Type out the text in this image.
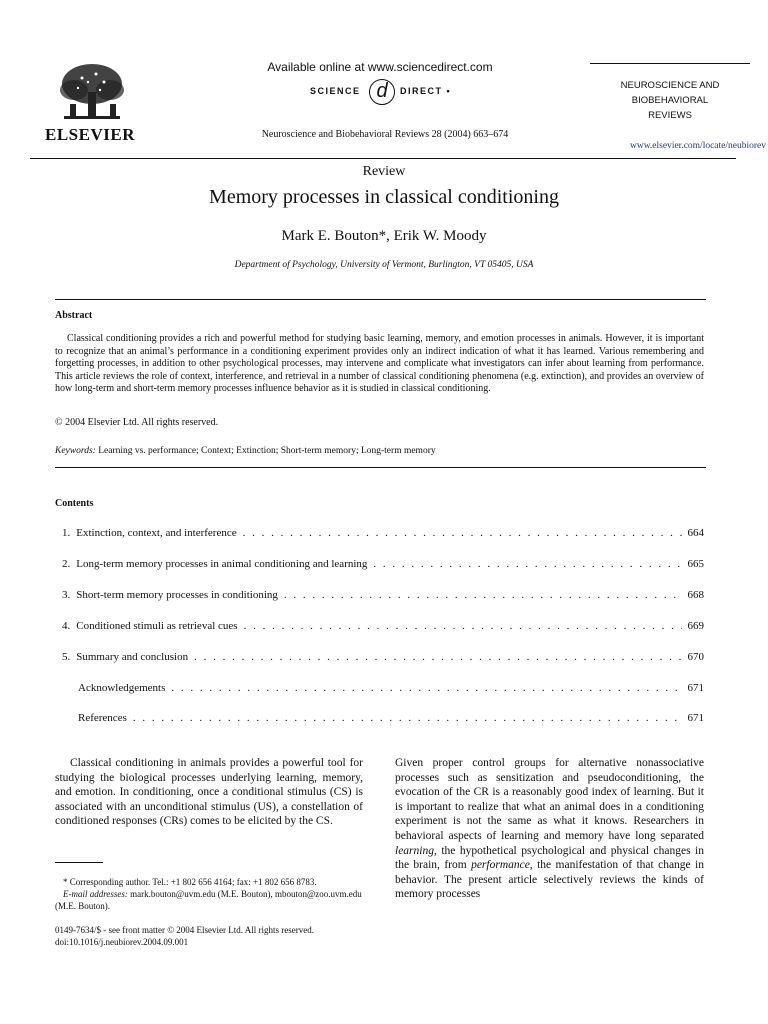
ELSEVIER
Available online at www.sciencedirect.com
SCIENCE d	DIRECT •
Neuroscience and Biobehavioral Reviews 28 (2004) 663–674
NEUROSCIENCE AND
BIOBEHAVIORAL
REVIEWS
www.elsevier.com/locate/neubiorev
Review
Memory processes in classical conditioning
Mark E. Bouton*, Erik W. Moody
Department of Psychology, University of Vermont, Burlington, VT 05405, USA
Abstract
Classical conditioning provides a rich and powerful method for studying basic learning, memory, and emotion processes in animals. However, it is important to recognize that an animal’s performance in a conditioning experiment provides only an indirect indication of what it has learned. Various remembering and forgetting processes, in addition to other psychological processes, may intervene and complicate what investigators can infer about learning from performance. This article reviews the role of context, interference, and retrieval in a number of classical conditioning phenomena (e.g. extinction), and provides an overview of how long-term and short-term memory processes influence behavior as it is studied in classical conditioning.
© 2004 Elsevier Ltd. All rights reserved.
Keywords: Learning vs. performance; Context; Extinction; Short-term memory; Long-term memory
Contents
1. Extinction, context, and interference . . .	664
2. Long-term memory processes in animal conditioning and learning . . .	665
3. Short-term memory processes in conditioning . . .	668
4. Conditioned stimuli as retrieval cues . . .	669
5. Summary and conclusion . . .	670
Acknowledgements . . .	671
References . . .	671
Classical conditioning in animals provides a powerful tool for studying the biological processes underlying learning, memory, and emotion. In conditioning, once a conditional stimulus (CS) is associated with an unconditional stimulus (US), a constellation of conditioned responses (CRs) comes to be elicited by the CS.
Given proper control groups for alternative nonassociative processes such as sensitization and pseudoconditioning, the evocation of the CR is a reasonably good index of learning. But it is important to realize that what an animal does in a conditioning experiment is not the same as what it knows. Researchers in behavioral aspects of learning and memory have long separated learning, the hypothetical psychological and physical changes in the brain, from performance, the manifestation of that change in behavior. The present article selectively reviews the kinds of memory processes
* Corresponding author. Tel.: +1 802 656 4164; fax: +1 802 656 8783.
E-mail addresses: mark.bouton@uvm.edu (M.E. Bouton), mbouton@zoo.uvm.edu (M.E. Bouton).
0149-7634/$ - see front matter © 2004 Elsevier Ltd. All rights reserved.
doi:10.1016/j.neubiorev.2004.09.001
